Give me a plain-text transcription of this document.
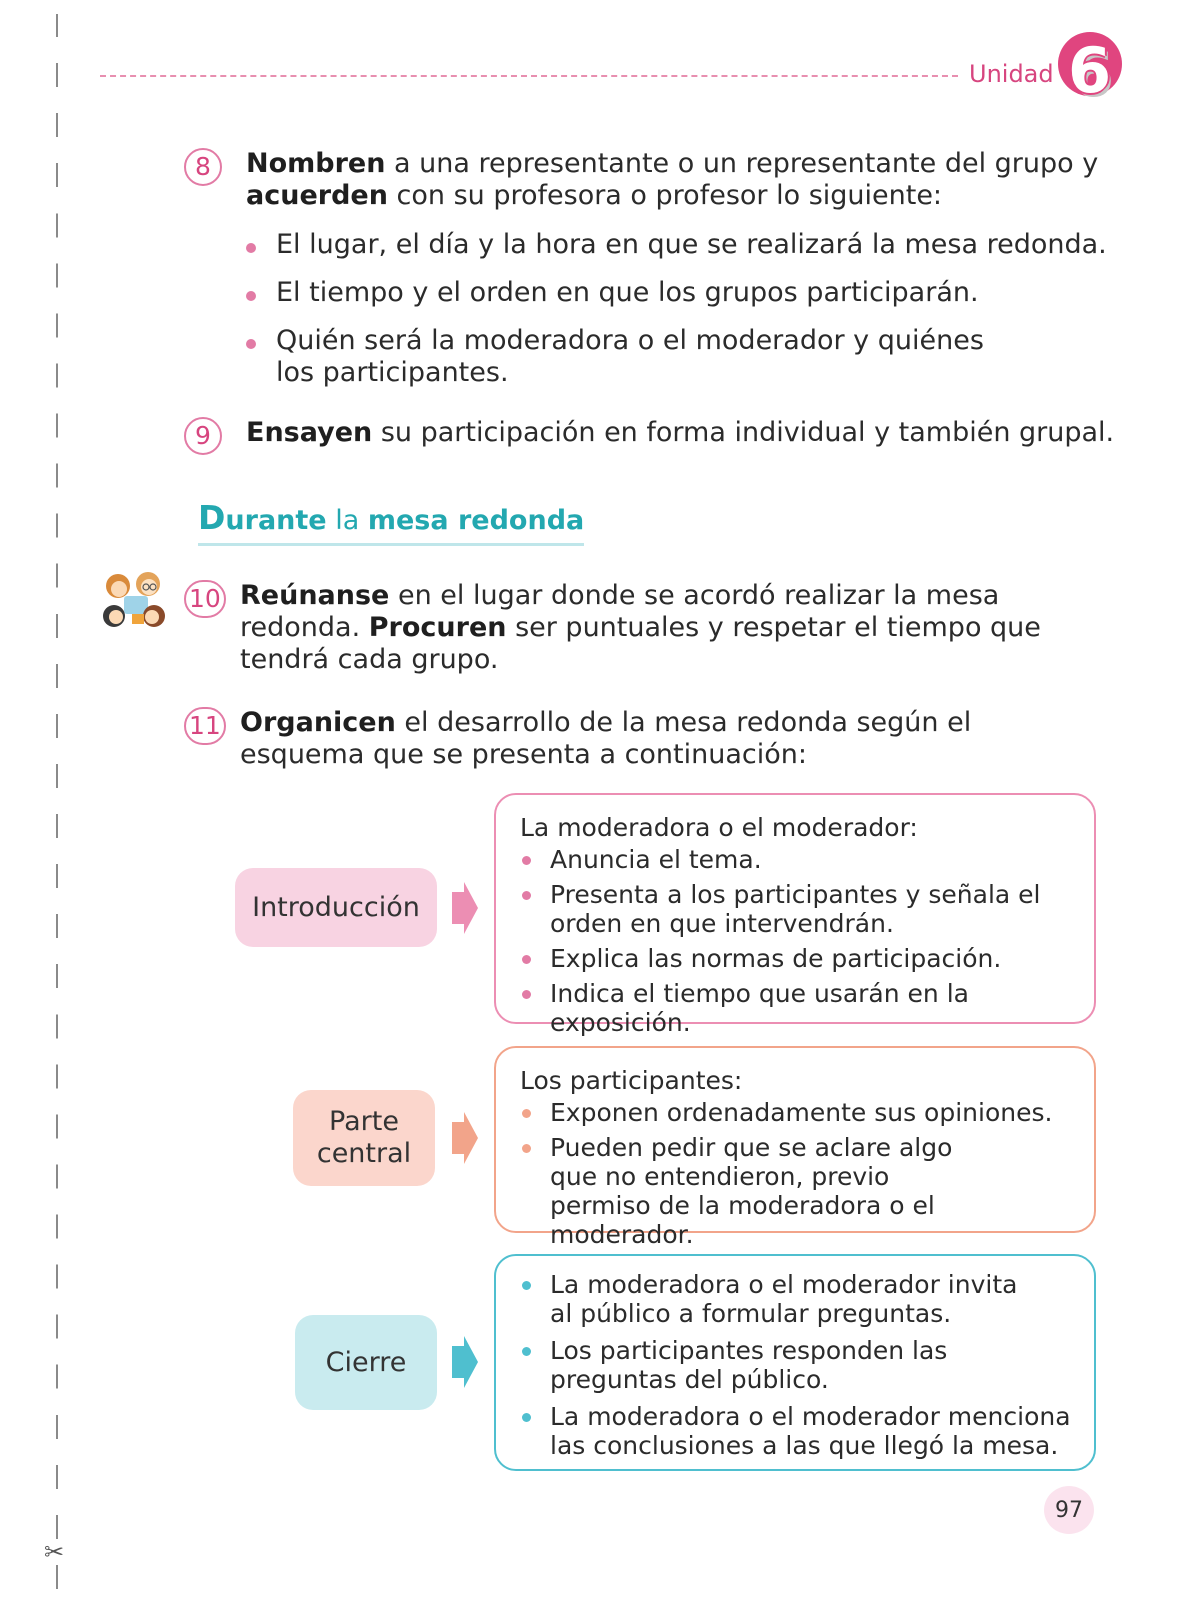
✂
Unidad 6
8	Nombren a una representante o un representante del grupo y acuerden con su profesora o profesor lo siguiente:
El lugar, el día y la hora en que se realizará la mesa redonda.
El tiempo y el orden en que los grupos participarán.
Quién será la moderadora o el moderador y quiénes los participantes.
9	Ensayen su participación en forma individual y también grupal.
Durante la mesa redonda
10 Reúnanse en el lugar donde se acordó realizar la mesa redonda. Procuren ser puntuales y respetar el tiempo que tendrá cada grupo.
11 Organicen el desarrollo de la mesa redonda según el esquema que se presenta a continuación:
Introducción
La moderadora o el moderador:
Anuncia el tema.
Presenta a los participantes y señala el orden en que intervendrán.
Explica las normas de participación.
Indica el tiempo que usarán en la exposición.
Parte
central
Los participantes:
Exponen ordenadamente sus opiniones.
Pueden pedir que se aclare algo que no entendieron, previo permiso de la moderadora o el moderador.
Cierre
La moderadora o el moderador invita al público a formular preguntas.
Los participantes responden las preguntas del público.
La moderadora o el moderador menciona las conclusiones a las que llegó la mesa.
97
